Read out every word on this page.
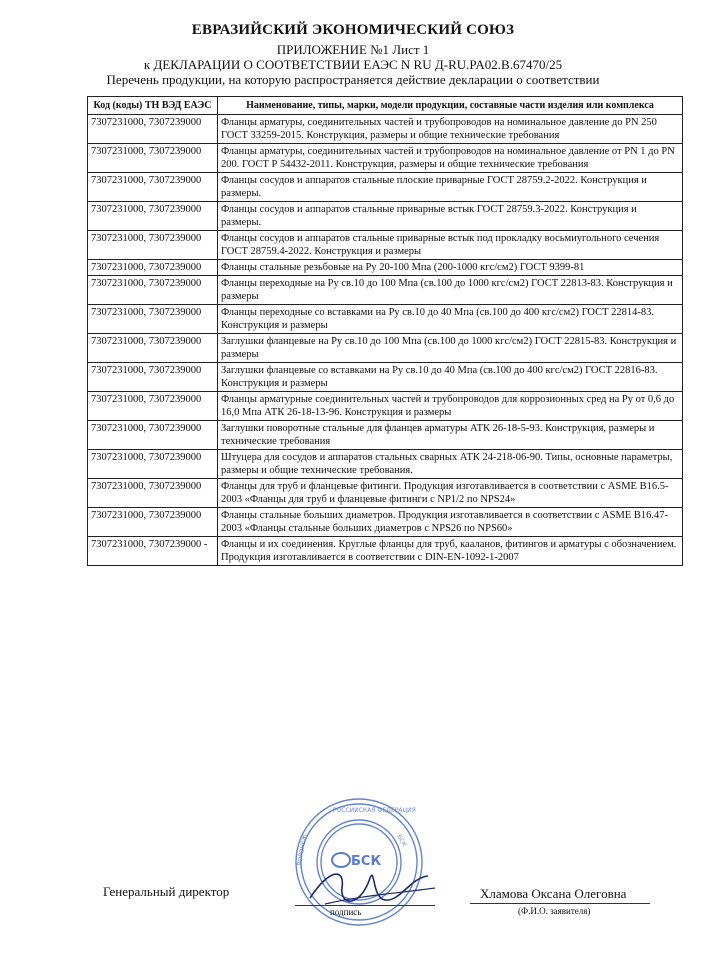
ЕВРАЗИЙСКИЙ ЭКОНОМИЧЕСКИЙ СОЮЗ
ПРИЛОЖЕНИЕ №1 Лист 1
к ДЕКЛАРАЦИИ О СООТВЕТСТВИИ ЕАЭС N RU Д-RU.PA02.B.67470/25
Перечень продукции, на которую распространяется действие декларации о соответствии
Код (коды) ТН ВЭД ЕАЭС	Наименование, типы, марки, модели продукции, составные части изделия или комплекса
7307231000, 7307239000	Фланцы арматуры, соединительных частей и трубопроводов на номинальное давление до PN 250 ГОСТ 33259-2015. Конструкция, размеры и общие технические требования
7307231000, 7307239000	Фланцы арматуры, соединительных частей и трубопроводов на номинальное давление от PN 1 до PN 200. ГОСТ Р 54432-2011. Конструкция, размеры и общие технические требования
7307231000, 7307239000	Фланцы сосудов и аппаратов стальные плоские приварные ГОСТ 28759.2-2022. Конструкция и размеры.
7307231000, 7307239000	Фланцы сосудов и аппаратов стальные приварные встык ГОСТ 28759.3-2022. Конструкция и размеры.
7307231000, 7307239000	Фланцы сосудов и аппаратов стальные приварные встык под прокладку восьмиугольного сечения ГОСТ 28759.4-2022. Конструкция и размеры
7307231000, 7307239000	Фланцы стальные резьбовые на Ру 20-100 Мпа (200-1000 кгс/см2) ГОСТ 9399-81
7307231000, 7307239000	Фланцы переходные на Ру св.10 до 100 Мпа (св.100 до 1000 кгс/см2) ГОСТ 22813-83. Конструкция и размеры
7307231000, 7307239000	Фланцы переходные со вставками на Ру св.10 до 40 Мпа (св.100 до 400 кгс/см2) ГОСТ 22814-83. Конструкция и размеры
7307231000, 7307239000	Заглушки фланцевые на Ру св.10 до 100 Мпа (св.100 до 1000 кгс/см2) ГОСТ 22815-83. Конструкция и размеры
7307231000, 7307239000	Заглушки фланцевые со вставками на Ру св.10 до 40 Мпа (св.100 до 400 кгс/см2) ГОСТ 22816-83. Конструкция и размеры
7307231000, 7307239000	Фланцы арматурные соединительных частей и трубопроводов для коррозионных сред на Ру от 0,6 до 16,0 Мпа АТК 26-18-13-96. Конструкция и размеры
7307231000, 7307239000	Заглушки поворотные стальные для фланцев арматуры АТК 26-18-5-93. Конструкция, размеры и технические требования
7307231000, 7307239000	Штуцера для сосудов и аппаратов стальных сварных АТК 24-218-06-90. Типы, основные параметры, размеры и общие технические требования.
7307231000, 7307239000	Фланцы для труб и фланцевые фитинги. Продукция изготавливается в соответствии с ASME B16.5-2003 «Фланцы для труб и фланцевые фитинги с NP1/2 по NPS24»
7307231000, 7307239000	Фланцы стальные больших диаметров. Продукция изготавливается в соответствии с ASME B16.47-2003 «Фланцы стальные больших диаметров с NPS26 по NPS60»
7307231000, 7307239000 -	Фланцы и их соединения. Круглые фланцы для труб, кааланов, фитингов и арматуры с обозначением. Продукция изготавливается в соответствии с DIN-EN-1092-1-2007
РОССИЙСКАЯ ФЕДЕРАЦИЯ
ВОРОНЕЖ	БСК
БСК
Генеральный директор
подпись
Хламова Оксана Олеговна
(Ф.И.О. заявителя)
